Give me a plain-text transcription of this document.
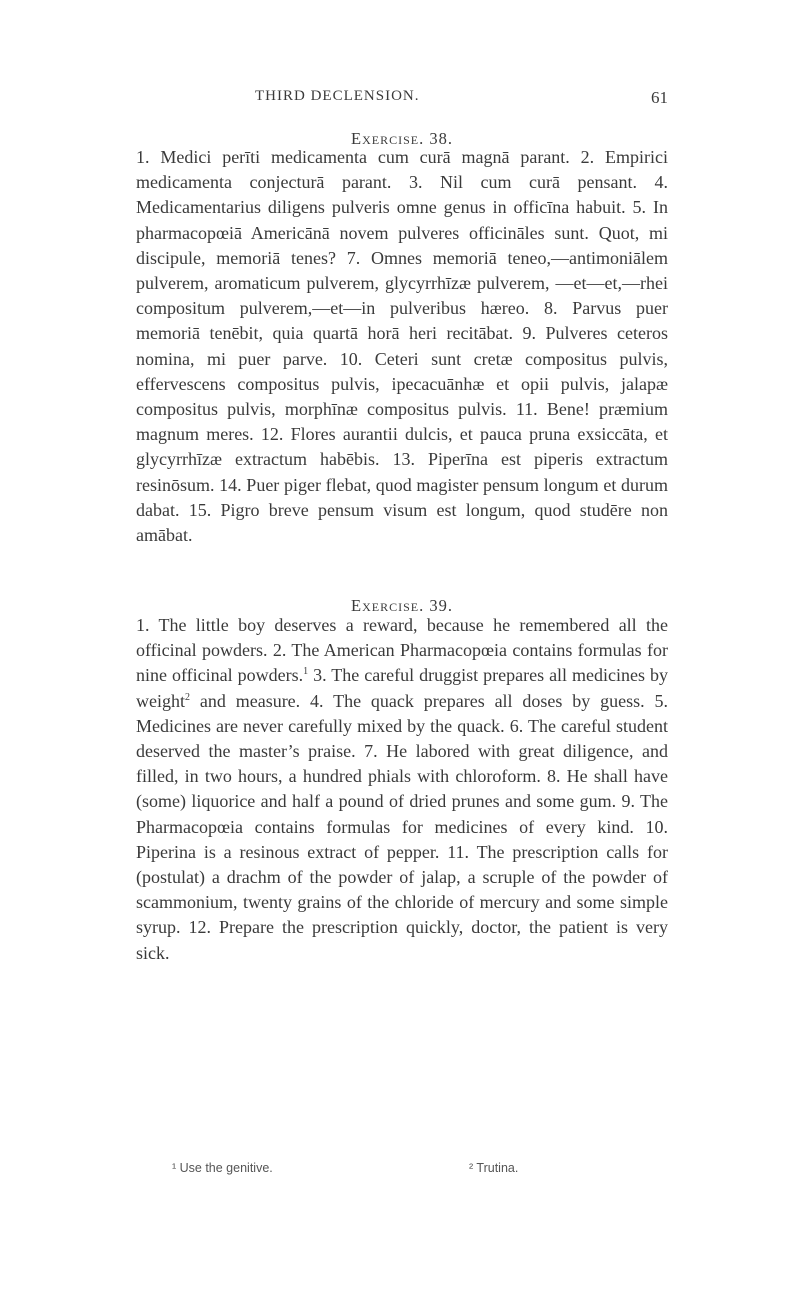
THIRD DECLENSION.	61
Exercise. 38.

1. Medici perīti medicamenta cum curā magnā parant. 2. Empirici medicamenta conjecturā parant. 3. Nil cum curā pensant. 4. Medicamentarius diligens pulveris omne genus in officīna habuit. 5. In pharmacopœiā Americānā novem pulveres officināles sunt. Quot, mi discipule, memoriā tenes? 7. Omnes memoriā teneo,—antimoniālem pulverem, aromaticum pulverem, glycyrrhīzæ pulverem, —et—et,—rhei compositum pulverem,—et—in pulveribus hæreo. 8. Parvus puer memoriā tenēbit, quia quartā horā heri recitābat. 9. Pulveres ceteros nomina, mi puer parve. 10. Ceteri sunt cretæ compositus pulvis, effervescens compositus pulvis, ipecacuānhæ et opii pulvis, jalapæ compositus pulvis, morphīnæ compositus pulvis. 11. Bene! præmium magnum meres. 12. Flores aurantii dulcis, et pauca pruna exsiccāta, et glycyrrhīzæ extractum habēbis. 13. Piperīna est piperis extractum resinōsum. 14. Puer piger flebat, quod magister pensum longum et durum dabat. 15. Pigro breve pensum visum est longum, quod studēre non amābat.

Exercise. 39.

1. The little boy deserves a reward, because he remembered all the officinal powders. 2. The American Pharmacopœia contains formulas for nine officinal powders.$^1$ 3. The careful druggist prepares all medicines by weight$^2$ and measure. 4. The quack prepares all doses by guess. 5. Medicines are never carefully mixed by the quack. 6. The careful student deserved the master’s praise. 7. He labored with great diligence, and filled, in two hours, a hundred phials with chloroform. 8. He shall have (some) liquorice and half a pound of dried prunes and some gum. 9. The Pharmacopœia contains formulas for medicines of every kind. 10. Piperina is a resinous extract of pepper. 11. The prescription calls for (postulat) a drachm of the powder of jalap, a scruple of the powder of scammonium, twenty grains of the chloride of mercury and some simple syrup. 12. Prepare the prescription quickly, doctor, the patient is very sick.

¹ Use the genitive.	² Trutina.
